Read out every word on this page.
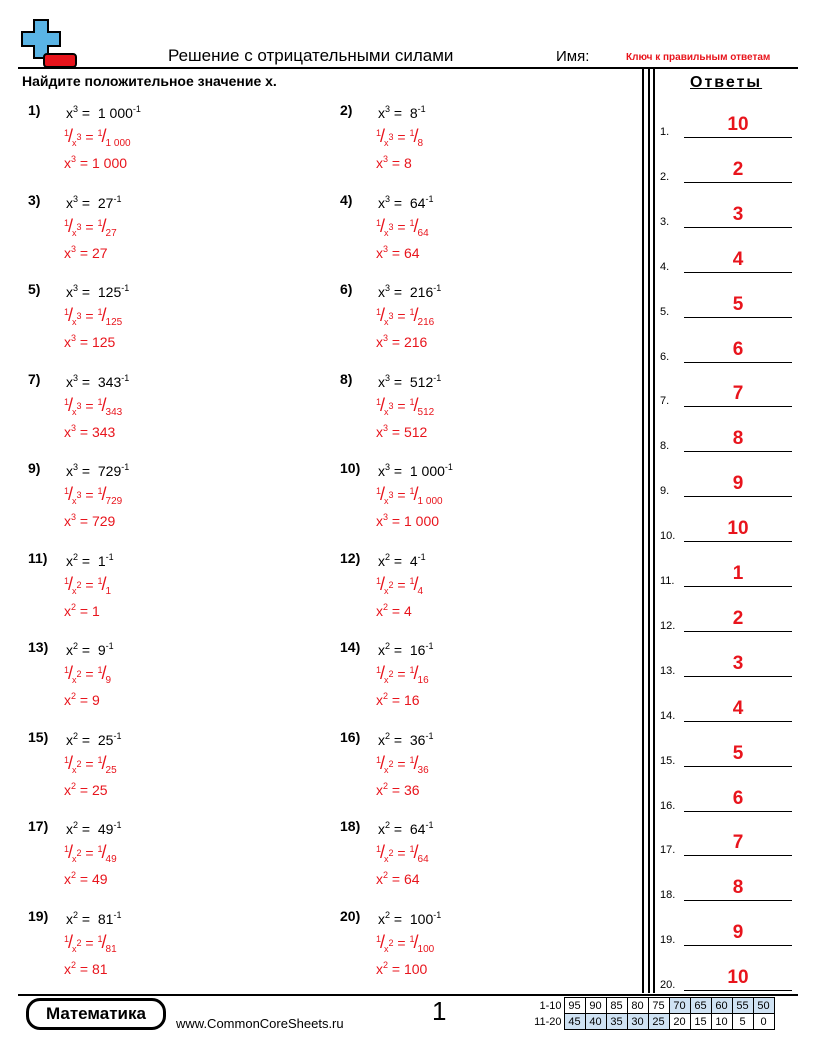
Решение с отрицательными силами	Имя:	Ключ к правильным ответам
Найдите положительное значение x.	Ответы
1) $x^3 = 1$ $000^{-1}$
$^1/_{x^3} = ^1/_{1 000}$
$x^3 = 1$ 000
2) $x^3 = 8^{-1}$
$^1/_{x^3} = ^1/_8$
$x^3 = 8$
3) $x^3 = 27^{-1}$
$^1/_{x^3} = ^1/_{27}$
$x^3 = 27$
4) $x^3 = 64^{-1}$
$^1/_{x^3} = ^1/_{64}$
$x^3 = 64$
5) $x^3 = 125^{-1}$
$^1/_{x^3} = ^1/_{125}$
$x^3 = 125$
6) $x^3 = 216^{-1}$
$^1/_{x^3} = ^1/_{216}$
$x^3 = 216$
7) $x^3 = 343^{-1}$
$^1/_{x^3} = ^1/_{343}$
$x^3 = 343$
8) $x^3 = 512^{-1}$
$^1/_{x^3} = ^1/_{512}$
$x^3 = 512$
9) $x^3 = 729^{-1}$
$^1/_{x^3} = ^1/_{729}$
$x^3 = 729$
10) $x^3 = 1$ $000^{-1}$
$^1/_{x^3} = ^1/_{1 000}$
$x^3 = 1$ 000
11) $x^2 = 1^{-1}$
$^1/_{x^2} = ^1/_1$
$x^2 = 1$
12) $x^2 = 4^{-1}$
$^1/_{x^2} = ^1/_4$
$x^2 = 4$
13) $x^2 = 9^{-1}$
$^1/_{x^2} = ^1/_9$
$x^2 = 9$
14) $x^2 = 16^{-1}$
$^1/_{x^2} = ^1/_{16}$
$x^2 = 16$
15) $x^2 = 25^{-1}$
$^1/_{x^2} = ^1/_{25}$
$x^2 = 25$
16) $x^2 = 36^{-1}$
$^1/_{x^2} = ^1/_{36}$
$x^2 = 36$
17) $x^2 = 49^{-1}$
$^1/_{x^2} = ^1/_{49}$
$x^2 = 49$
18) $x^2 = 64^{-1}$
$^1/_{x^2} = ^1/_{64}$
$x^2 = 64$
19) $x^2 = 81^{-1}$
$^1/_{x^2} = ^1/_{81}$
$x^2 = 81$
20) $x^2 = 100^{-1}$
$^1/_{x^2} = ^1/_{100}$
$x^2 = 100$
1.	10
2.	2
3.	3
4.	4
5.	5
6.	6
7.	7
8.	8
9.	9
10.	10
11.	1
12.	2
13.	3
14.	4
15.	5
16.	6
17.	7
18.	8
19.	9
20.	10
Математика
www.CommonCoreSheets.ru	1	1-10	95	90	85	80	75	70	65	60	55	50
11-20	45	40	35	30	25	20	15	10	5	0
